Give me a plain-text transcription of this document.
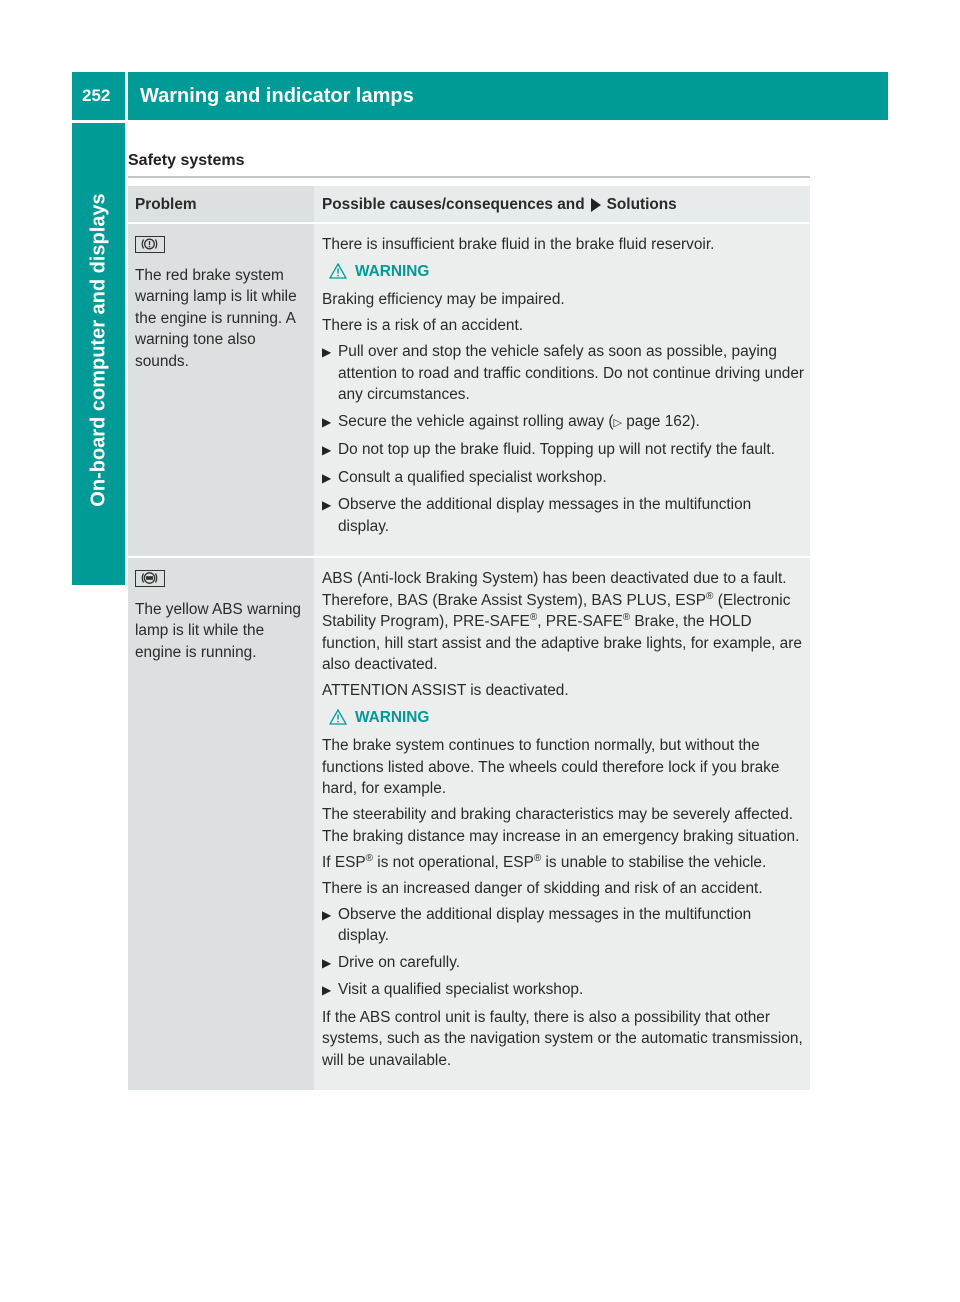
252	Warning and indicator lamps
On-board computer and displays
Safety systems
Problem	Possible causes/consequences and Solutions
The red brake system warning lamp is lit while the engine is running. A warning tone also sounds.

There is insufficient brake fluid in the brake fluid reservoir.

WARNING

Braking efficiency may be impaired.

There is a risk of an accident.

▶ Pull over and stop the vehicle safely as soon as possible, paying attention to road and traffic conditions. Do not continue driving under any circumstances.
▶ Secure the vehicle against rolling away (▷ page 162).
▶ Do not top up the brake fluid. Topping up will not rectify the fault.
▶ Consult a qualified specialist workshop.
▶ Observe the additional display messages in the multifunction display.
The yellow ABS warning lamp is lit while the engine is running.

ABS (Anti-lock Braking System) has been deactivated due to a fault. Therefore, BAS (Brake Assist System), BAS PLUS, ESP® (Electronic Stability Program), PRE-SAFE®, PRE-SAFE® Brake, the HOLD function, hill start assist and the adaptive brake lights, for example, are also deactivated.

ATTENTION ASSIST is deactivated.

WARNING

The brake system continues to function normally, but without the functions listed above. The wheels could therefore lock if you brake hard, for example.

The steerability and braking characteristics may be severely affected. The braking distance may increase in an emergency braking situation.

If ESP® is not operational, ESP® is unable to stabilise the vehicle.

There is an increased danger of skidding and risk of an accident.

▶ Observe the additional display messages in the multifunction display.
▶ Drive on carefully.
▶ Visit a qualified specialist workshop.

If the ABS control unit is faulty, there is also a possibility that other systems, such as the navigation system or the automatic transmission, will be unavailable.
